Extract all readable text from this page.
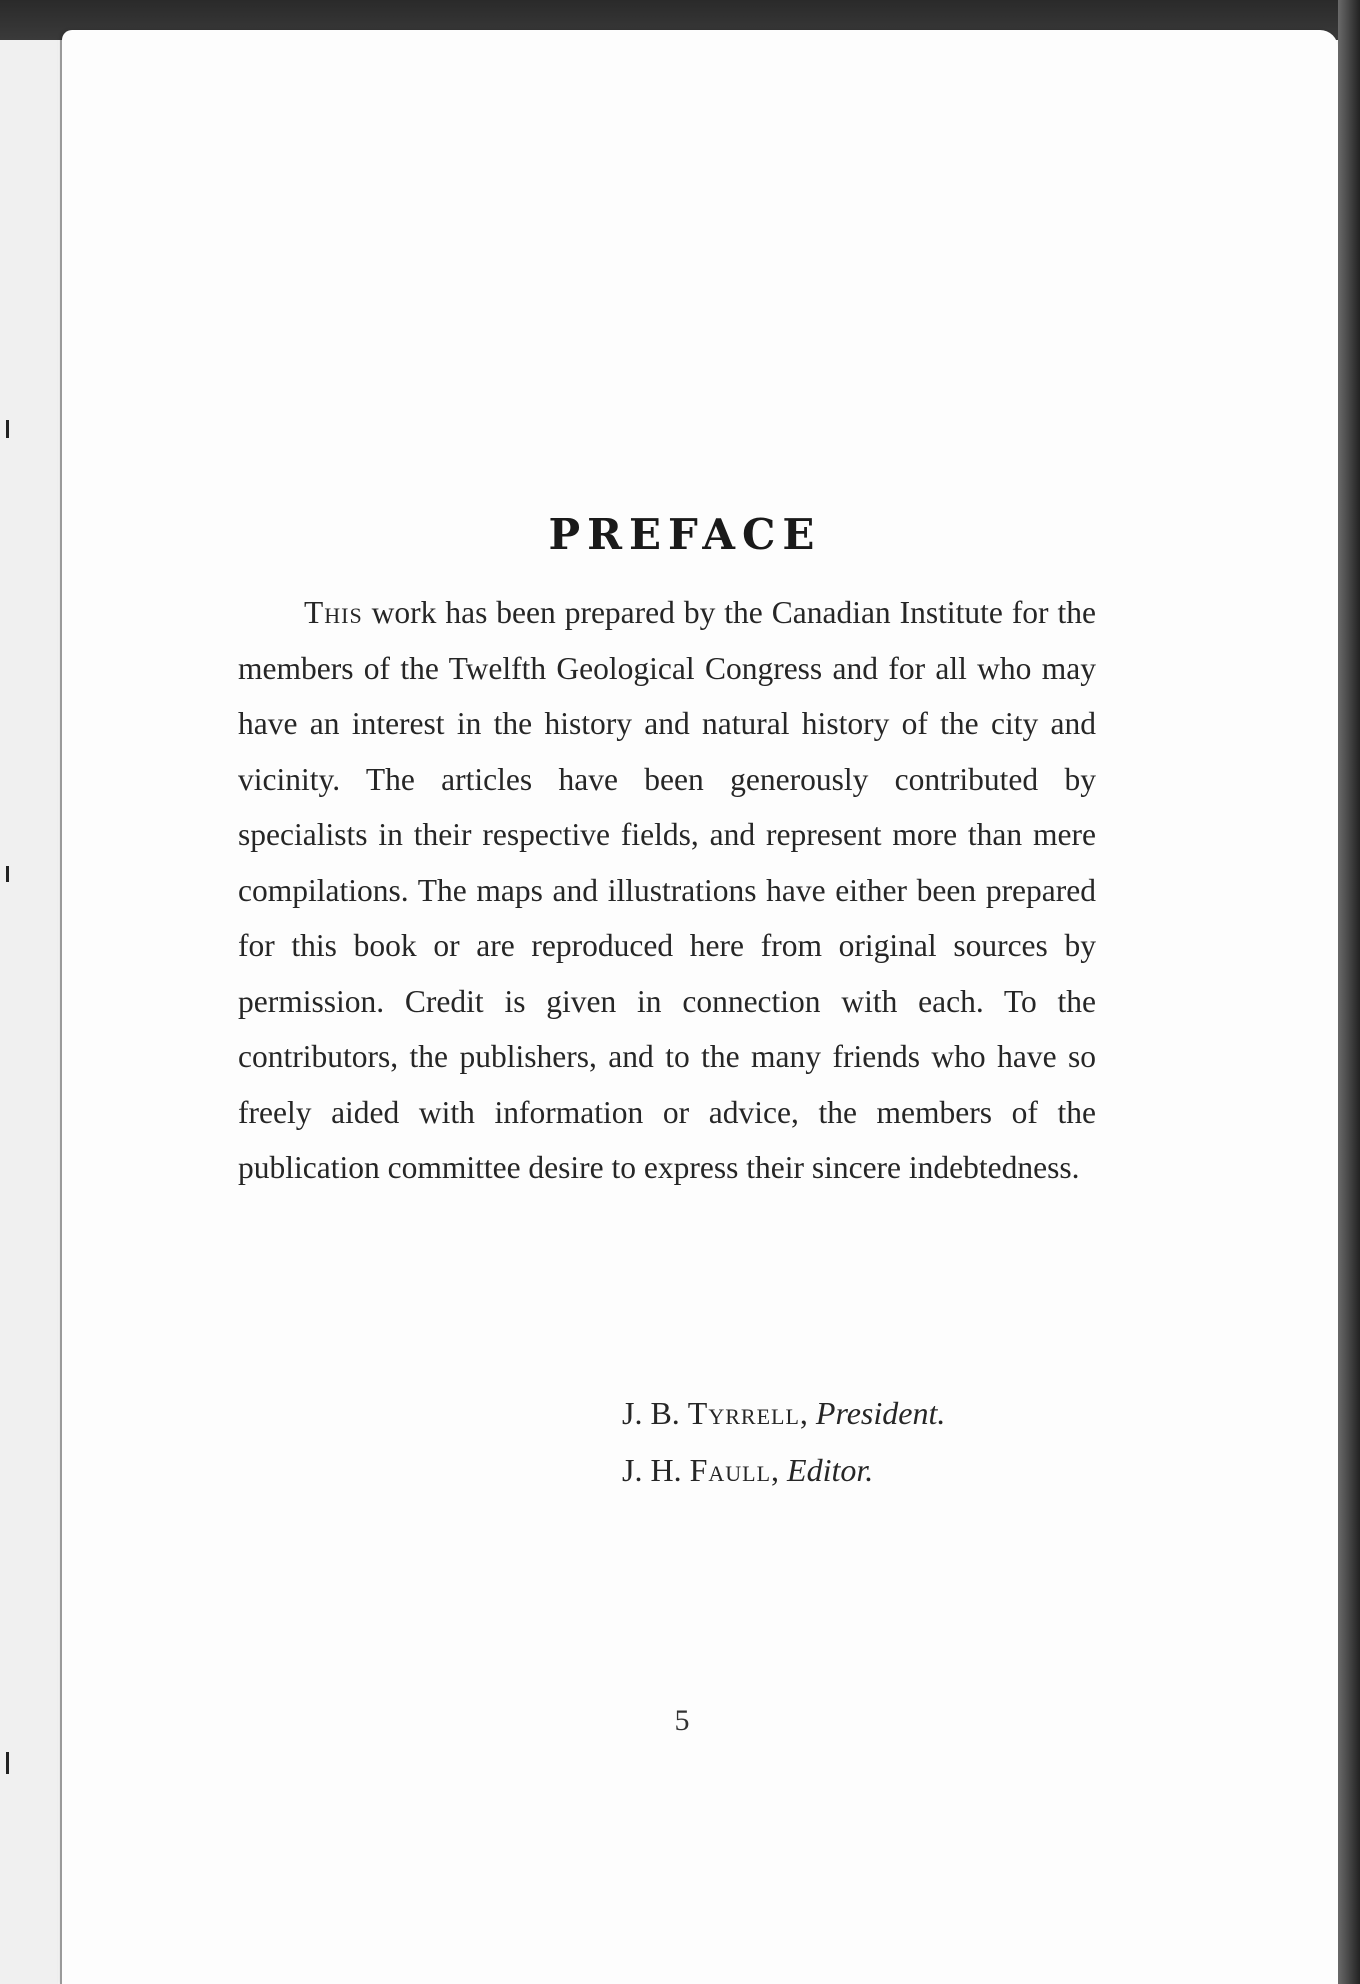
PREFACE

This work has been prepared by the Canadian Institute for the members of the Twelfth Geological Congress and for all who may have an interest in the history and natural history of the city and vicinity. The articles have been generously contributed by specialists in their respective fields, and represent more than mere compilations. The maps and illustrations have either been prepared for this book or are reproduced here from original sources by permission. Credit is given in connection with each. To the contributors, the publishers, and to the many friends who have so freely aided with information or advice, the members of the publication committee desire to express their sincere indebtedness.

J. B. Tyrrell, President.
J. H. Faull, Editor.
5
